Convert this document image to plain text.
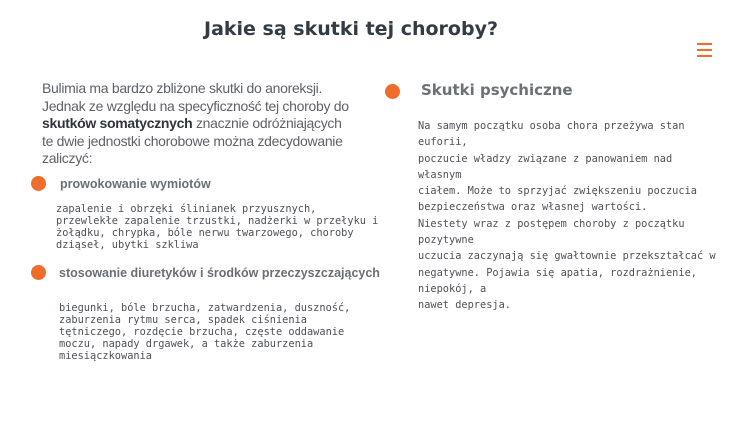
Jakie są skutki tej choroby?

Bulimia ma bardzo zbliżone skutki do anoreksji. Jednak ze względu na specyficzność tej choroby do skutków somatycznych znacznie odróżniających te dwie jednostki chorobowe można zdecydowanie zaliczyć:

prowokowanie wymiotów

zapalenie i obrzęki ślinianek przyusznych,
przewlekłe zapalenie trzustki, nadżerki w przełyku i
żołądku, chrypka, bóle nerwu twarzowego, choroby
dziąseł, ubytki szkliwa

stosowanie diuretyków i środków przeczyszczających

biegunki, bóle brzucha, zatwardzenia, duszność,
zaburzenia rytmu serca, spadek ciśnienia
tętniczego, rozdęcie brzucha, częste oddawanie
moczu, napady drgawek, a także zaburzenia
miesiączkowania

Skutki psychiczne

Na samym początku osoba chora przeżywa stan euforii,
poczucie władzy związane z panowaniem nad własnym
ciałem. Może to sprzyjać zwiększeniu poczucia
bezpieczeństwa oraz własnej wartości.
Niestety wraz z postępem choroby z początku pozytywne
uczucia zaczynają się gwałtownie przekształcać w
negatywne. Pojawia się apatia, rozdrażnienie, niepokój, a
nawet depresja.
